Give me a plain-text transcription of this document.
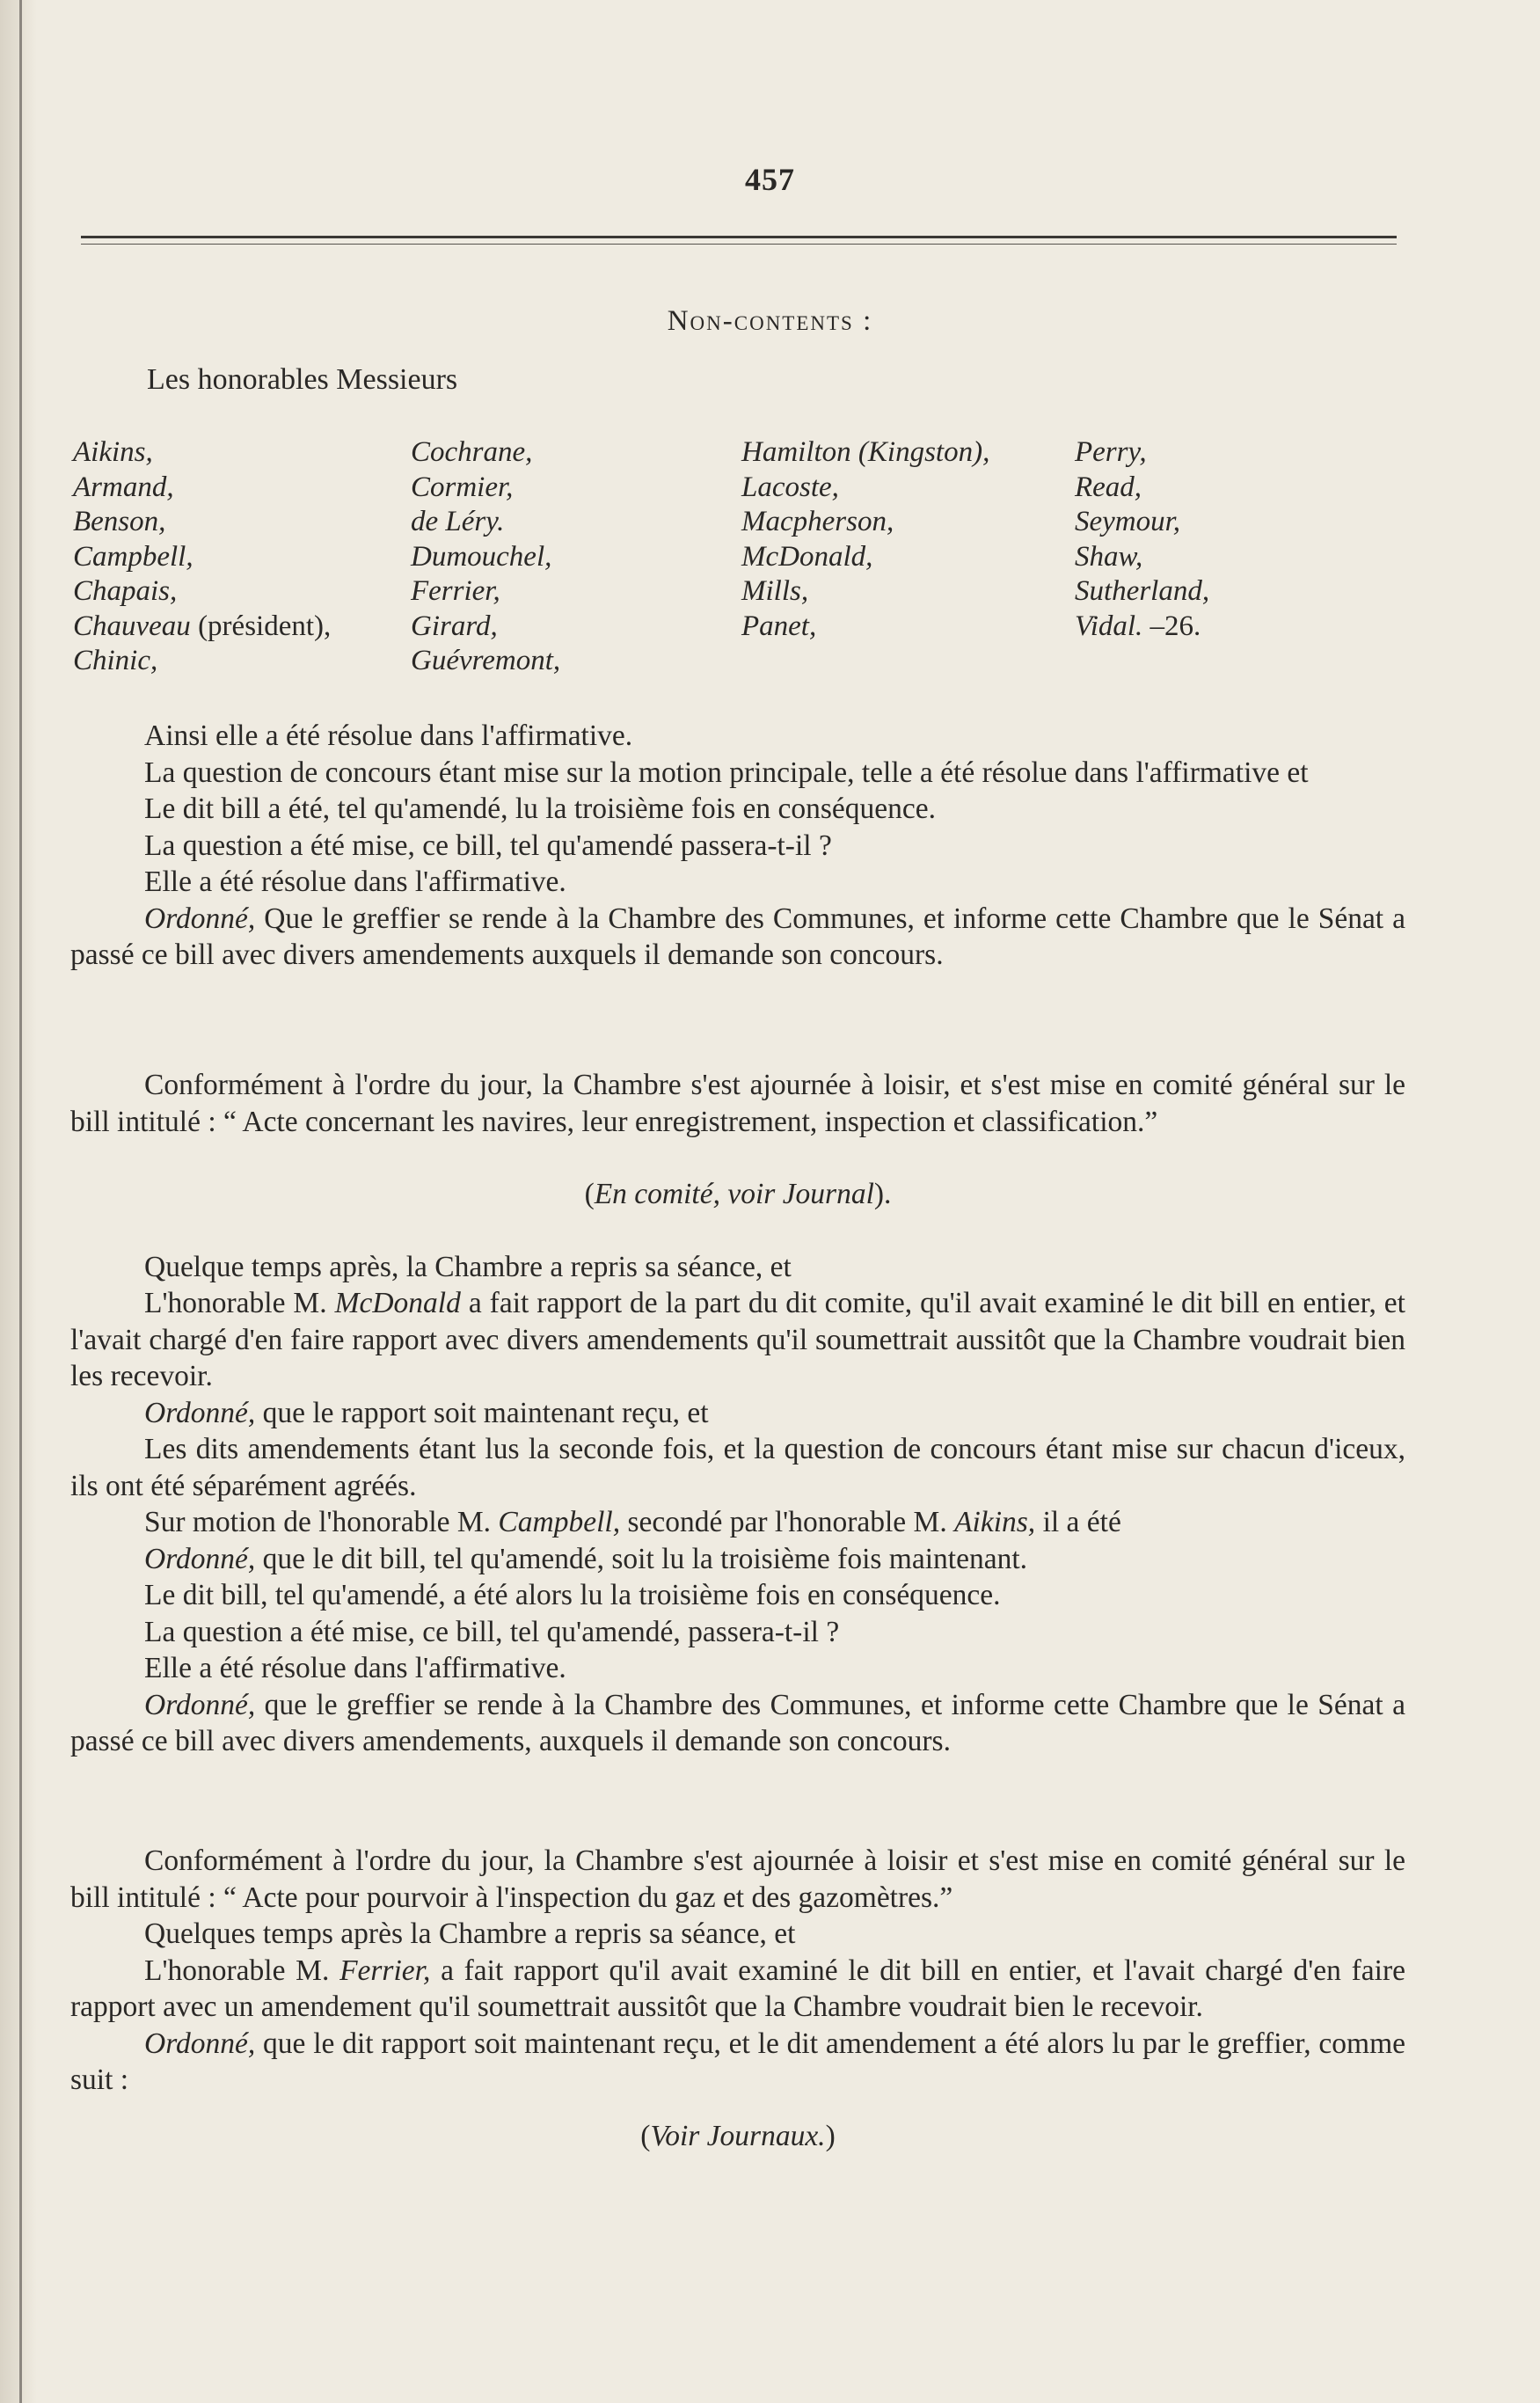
457
Non-contents :
Les honorables Messieurs
Aikins,
Armand,
Benson,
Campbell,
Chapais,
Chauveau (président),
Chinic,
Cochrane,
Cormier,
de Léry.
Dumouchel,
Ferrier,
Girard,
Guévremont,
Hamilton (Kingston),
Lacoste,
Macpherson,
McDonald,
Mills,
Panet,
Perry,
Read,
Seymour,
Shaw,
Sutherland,
Vidal. –26.

Ainsi elle a été résolue dans l'affirmative.

La question de concours étant mise sur la motion principale, telle a été résolue dans l'affirmative et

Le dit bill a été, tel qu'amendé, lu la troisième fois en conséquence.

La question a été mise, ce bill, tel qu'amendé passera-t-il ?

Elle a été résolue dans l'affirmative.

Ordonné, Que le greffier se rende à la Chambre des Communes, et informe cette Chambre que le Sénat a passé ce bill avec divers amendements auxquels il demande son concours.

Conformément à l'ordre du jour, la Chambre s'est ajournée à loisir, et s'est mise en comité général sur le bill intitulé : “ Acte concernant les navires, leur enregistrement, inspection et classification.”

(En comité, voir Journal).

Quelque temps après, la Chambre a repris sa séance, et

L'honorable M. McDonald a fait rapport de la part du dit comite, qu'il avait examiné le dit bill en entier, et l'avait chargé d'en faire rapport avec divers amendements qu'il soumettrait aussitôt que la Chambre voudrait bien les recevoir.

Ordonné, que le rapport soit maintenant reçu, et

Les dits amendements étant lus la seconde fois, et la question de concours étant mise sur chacun d'iceux, ils ont été séparément agréés.

Sur motion de l'honorable M. Campbell, secondé par l'honorable M. Aikins, il a été

Ordonné, que le dit bill, tel qu'amendé, soit lu la troisième fois maintenant.

Le dit bill, tel qu'amendé, a été alors lu la troisième fois en conséquence.

La question a été mise, ce bill, tel qu'amendé, passera-t-il ?

Elle a été résolue dans l'affirmative.

Ordonné, que le greffier se rende à la Chambre des Communes, et informe cette Chambre que le Sénat a passé ce bill avec divers amendements, auxquels il demande son concours.

Conformément à l'ordre du jour, la Chambre s'est ajournée à loisir et s'est mise en comité général sur le bill intitulé : “ Acte pour pourvoir à l'inspection du gaz et des gazomètres.”

Quelques temps après la Chambre a repris sa séance, et

L'honorable M. Ferrier, a fait rapport qu'il avait examiné le dit bill en entier, et l'avait chargé d'en faire rapport avec un amendement qu'il soumettrait aussitôt que la Chambre voudrait bien le recevoir.

Ordonné, que le dit rapport soit maintenant reçu, et le dit amendement a été alors lu par le greffier, comme suit :

(Voir Journaux.)
